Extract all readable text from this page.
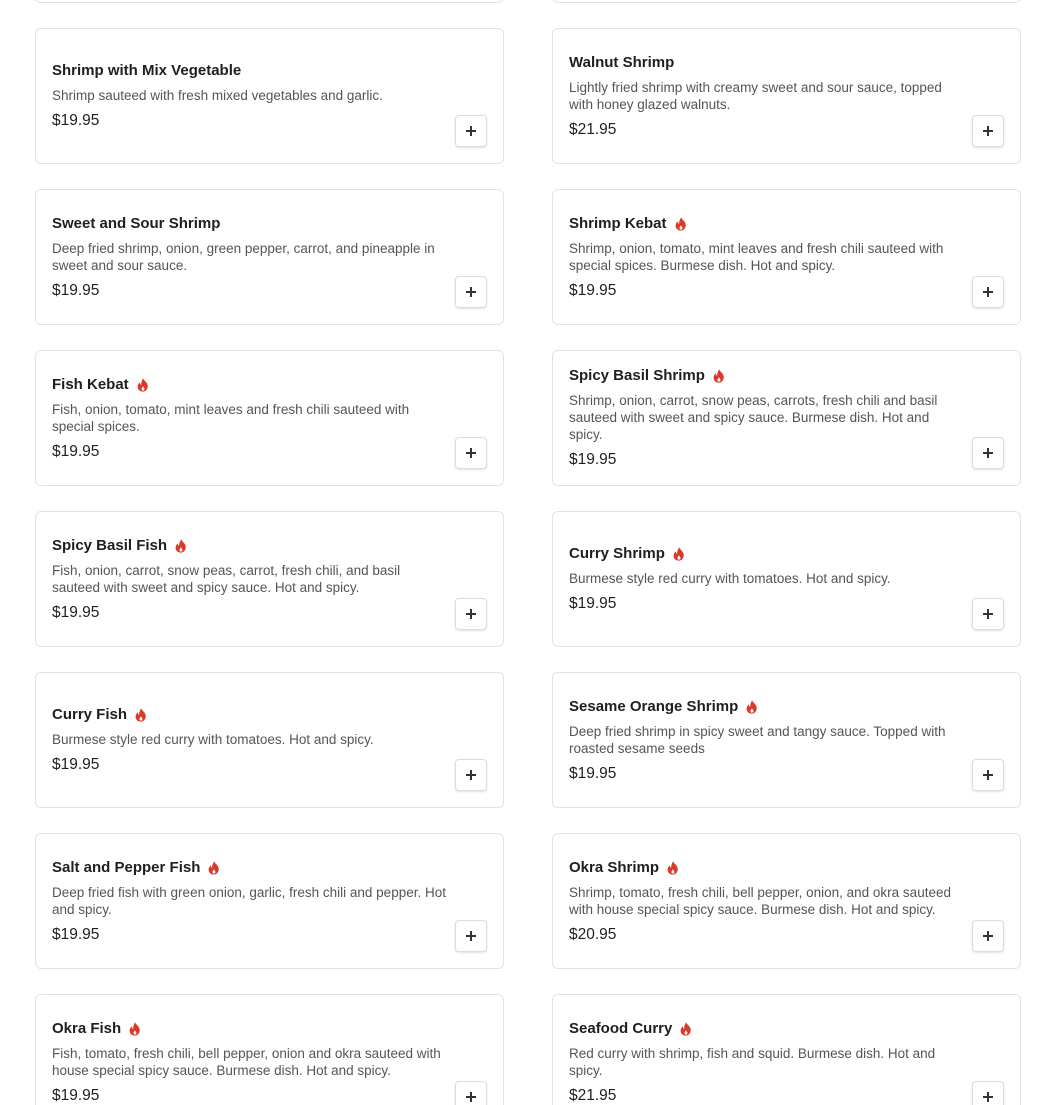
Shrimp with Mix Vegetable
Shrimp sauteed with fresh mixed vegetables and garlic.
$19.95
Walnut Shrimp
Lightly fried shrimp with creamy sweet and sour sauce, topped with honey glazed walnuts.
$21.95
Sweet and Sour Shrimp
Deep fried shrimp, onion, green pepper, carrot, and pineapple in sweet and sour sauce.
$19.95
Shrimp Kebat
Shrimp, onion, tomato, mint leaves and fresh chili sauteed with special spices. Burmese dish. Hot and spicy.
$19.95
Fish Kebat
Fish, onion, tomato, mint leaves and fresh chili sauteed with special spices.
$19.95
Spicy Basil Shrimp
Shrimp, onion, carrot, snow peas, carrots, fresh chili and basil sauteed with sweet and spicy sauce. Burmese dish. Hot and spicy.
$19.95
Spicy Basil Fish
Fish, onion, carrot, snow peas, carrot, fresh chili, and basil sauteed with sweet and spicy sauce. Hot and spicy.
$19.95
Curry Shrimp
Burmese style red curry with tomatoes. Hot and spicy.
$19.95
Curry Fish
Burmese style red curry with tomatoes. Hot and spicy.
$19.95
Sesame Orange Shrimp
Deep fried shrimp in spicy sweet and tangy sauce. Topped with roasted sesame seeds
$19.95
Salt and Pepper Fish
Deep fried fish with green onion, garlic, fresh chili and pepper. Hot and spicy.
$19.95
Okra Shrimp
Shrimp, tomato, fresh chili, bell pepper, onion, and okra sauteed with house special spicy sauce. Burmese dish. Hot and spicy.
$20.95
Okra Fish
Fish, tomato, fresh chili, bell pepper, onion and okra sauteed with house special spicy sauce. Burmese dish. Hot and spicy.
$19.95
Seafood Curry
Red curry with shrimp, fish and squid. Burmese dish. Hot and spicy.
$21.95
